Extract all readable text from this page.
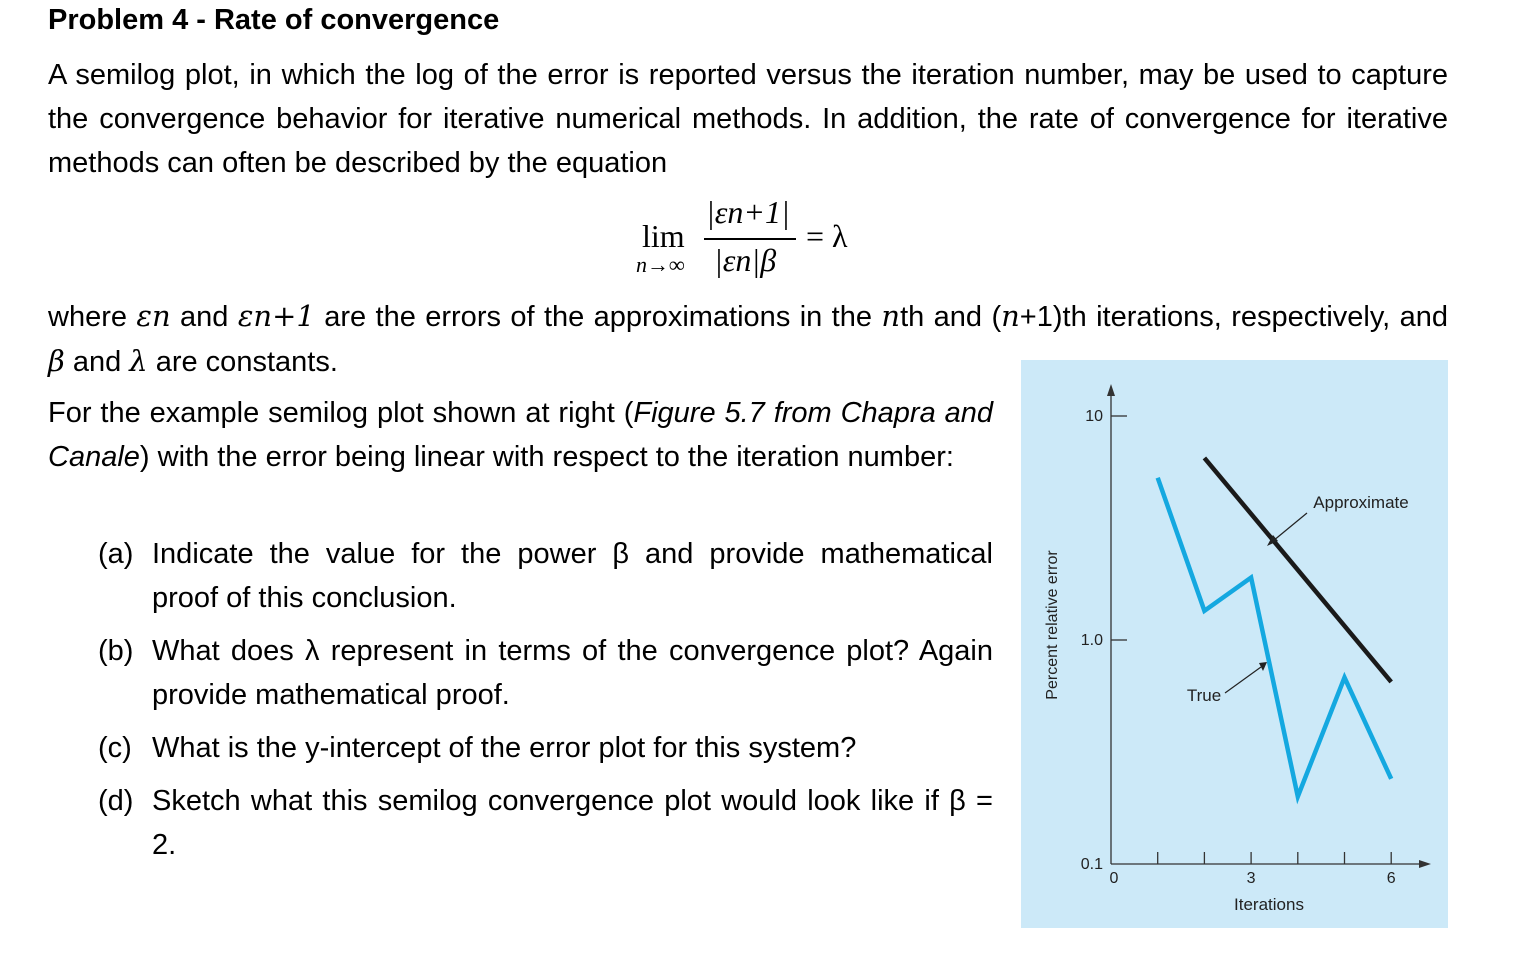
Problem 4 - Rate of convergence
A semilog plot, in which the log of the error is reported versus the iteration number, may be used to capture the convergence behavior for iterative numerical methods. In addition, the rate of convergence for iterative methods can often be described by the equation
lim
n→∞
|εn+1|
|εn|β
= λ
where εn and εn+1 are the errors of the approximations in the nth and (n+1)th iterations, respectively, and β and λ are constants.
For the example semilog plot shown at right (Figure 5.7 from Chapra and Canale) with the error being linear with respect to the iteration number:
(a) Indicate the value for the power β and provide mathematical proof of this conclusion.
(b) What does λ represent in terms of the convergence plot? Again provide mathematical proof.
(c) What is the y-intercept of the error plot for this system?
(d) Sketch what this semilog convergence plot would look like if β = 2.
0.1
1.0
10
0	3	6
Iterations
Percent relative error
Approximate
True
